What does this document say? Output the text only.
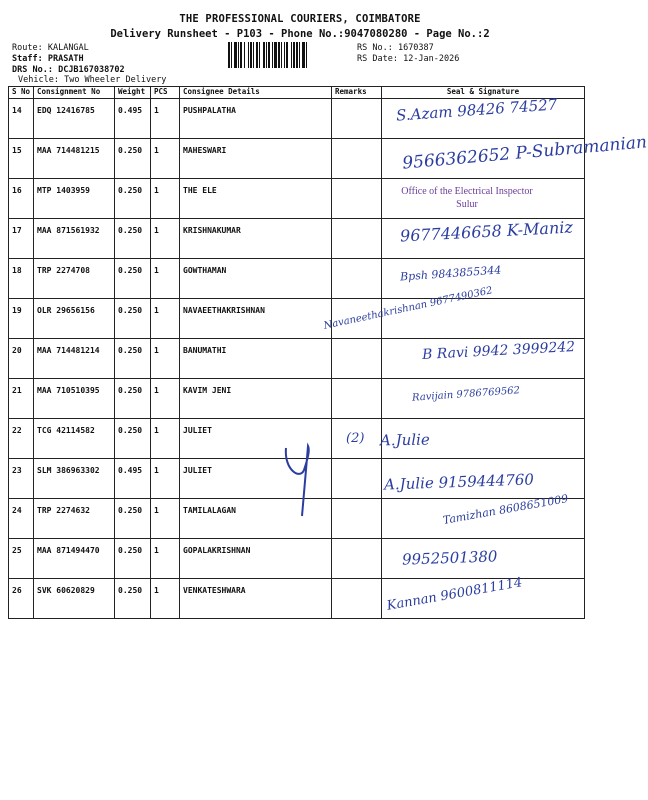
THE PROFESSIONAL COURIERS, COIMBATORE
Delivery Runsheet - P103 - Phone No.:9047080280 - Page No.:2
Route: KALANGAL
Staff: PRASATH
DRS No.: DCJB167038702
Vehicle: Two Wheeler Delivery
RS No.: 1670387
RS Date: 12-Jan-2026
S No	Consignment No	Weight	PCS	Consignee Details	Remarks	Seal & Signature
14	EDQ 12416785	0.495	1	PUSHPALATHA		S.Azam 98426 74527

15	MAA 714481215	0.250	1	MAHESWARI		9566362652 P-Subramanian

16	MTP 1403959	0.250	1	THE ELE		Office of the Electrical Inspector Sulur

17	MAA 871561932	0.250	1	KRISHNAKUMAR		9677446658 K-Maniz

18	TRP 2274708	0.250	1	GOWTHAMAN		Bpsh 9843855344

19	OLR 29656156	0.250	1	NAVAEETHAKRISHNAN		Navaneethakrishnan 9677490362

20	MAA 714481214	0.250	1	BANUMATHI		B Ravi 9942 3999242

21	MAA 710510395	0.250	1	KAVIM JENI		Ravijain 9786769562

22	TCG 42114582	0.250	1	JULIET	(2)	A.Julie

23	SLM 386963302	0.495	1	JULIET		A.Julie 9159444760

24	TRP 2274632	0.250	1	TAMILALAGAN		Tamizhan 8608651009

25	MAA 871494470	0.250	1	GOPALAKRISHNAN		9952501380

26	SVK 60620829	0.250	1	VENKATESHWARA		Kannan 9600811114
